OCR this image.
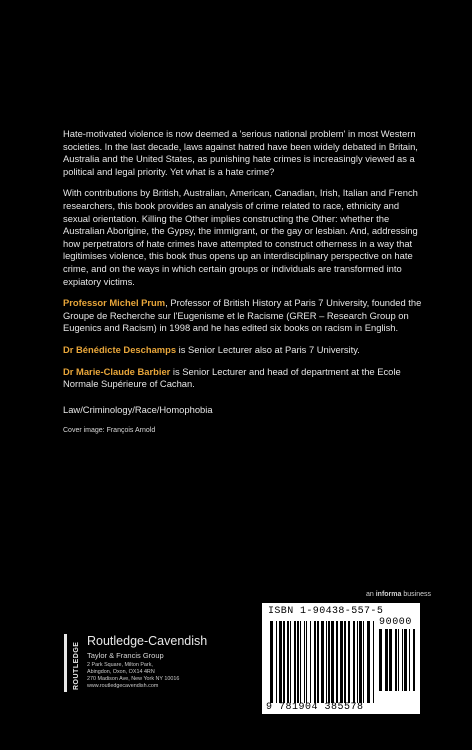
Hate-motivated violence is now deemed a 'serious national problem' in most Western societies. In the last decade, laws against hatred have been widely debated in Britain, Australia and the United States, as punishing hate crimes is increasingly viewed as a political and legal priority. Yet what is a hate crime?

With contributions by British, Australian, American, Canadian, Irish, Italian and French researchers, this book provides an analysis of crime related to race, ethnicity and sexual orientation. Killing the Other implies constructing the Other: whether the Australian Aborigine, the Gypsy, the immigrant, or the gay or lesbian. And, addressing how perpetrators of hate crimes have attempted to construct otherness in a way that legitimises violence, this book thus opens up an interdisciplinary perspective on hate crime, and on the ways in which certain groups or individuals are transformed into expiatory victims.

Professor Michel Prum, Professor of British History at Paris 7 University, founded the Groupe de Recherche sur l'Eugenisme et le Racisme (GRER – Research Group on Eugenics and Racism) in 1998 and he has edited six books on racism in English.

Dr Bénédicte Deschamps is Senior Lecturer also at Paris 7 University.

Dr Marie-Claude Barbier is Senior Lecturer and head of department at the Ecole Normale Supérieure of Cachan.

Law/Criminology/Race/Homophobia

Cover image: François Arnold

an informa business
ISBN 1-90438-557-5
90000
9 781904 385578
ROUTLEDGE
Routledge-Cavendish
Taylor & Francis Group
2 Park Square, Milton Park,
Abingdon, Oxon, OX14 4RN
270 Madison Ave, New York NY 10016
www.routledgecavendish.com
